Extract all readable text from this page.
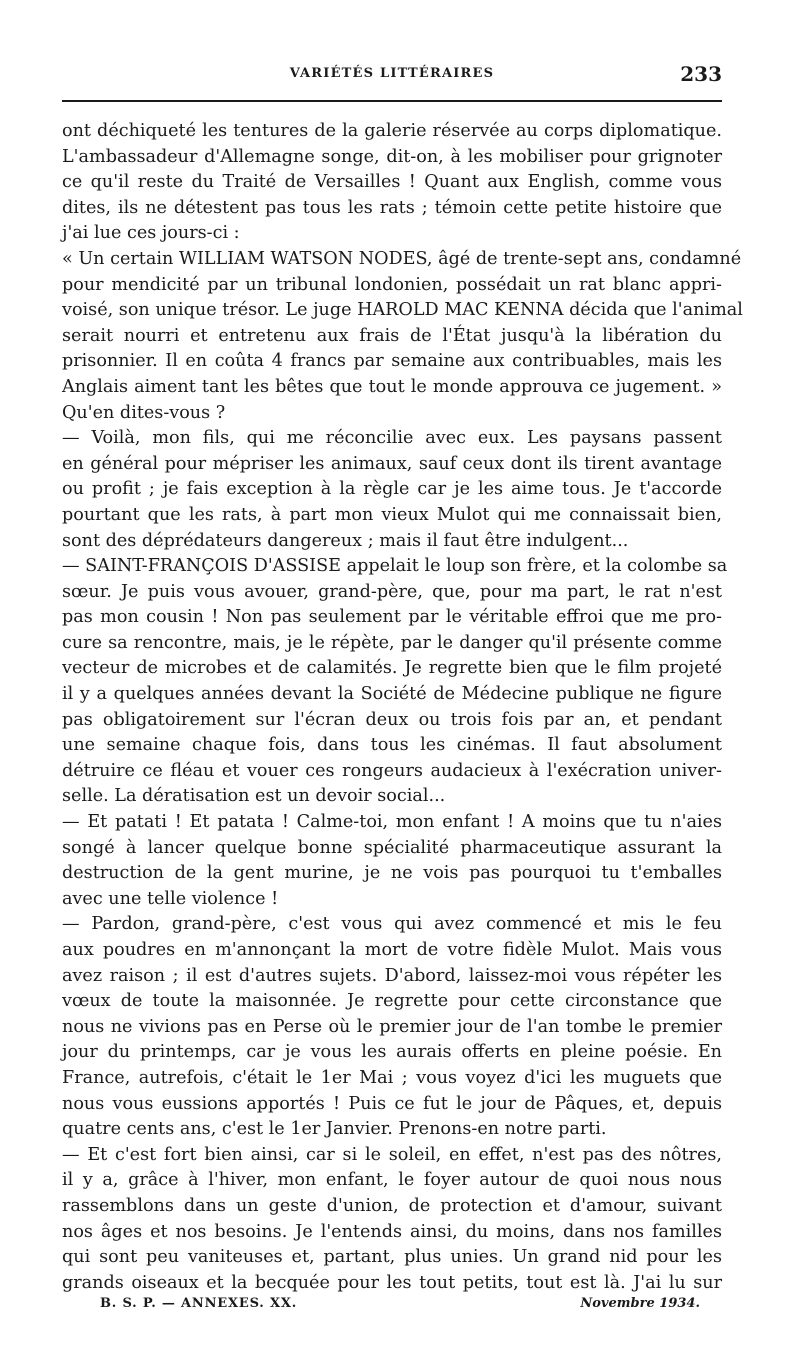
VARIÉTÉS LITTÉRAIRES	233
ont déchiqueté les tentures de la galerie réservée au corps diplomatique.
L'ambassadeur d'Allemagne songe, dit-on, à les mobiliser pour grignoter
ce qu'il reste du Traité de Versailles ! Quant aux English, comme vous
dites, ils ne détestent pas tous les rats ; témoin cette petite histoire que
j'ai lue ces jours-ci :
« Un certain WILLIAM WATSON NODES, âgé de trente-sept ans, condamné
pour mendicité par un tribunal londonien, possédait un rat blanc appri-
voisé, son unique trésor. Le juge HAROLD MAC KENNA décida que l'animal
serait nourri et entretenu aux frais de l'État jusqu'à la libération du
prisonnier. Il en coûta 4 francs par semaine aux contribuables, mais les
Anglais aiment tant les bêtes que tout le monde approuva ce jugement. »
Qu'en dites-vous ?
— Voilà, mon fils, qui me réconcilie avec eux. Les paysans passent
en général pour mépriser les animaux, sauf ceux dont ils tirent avantage
ou profit ; je fais exception à la règle car je les aime tous. Je t'accorde
pourtant que les rats, à part mon vieux Mulot qui me connaissait bien,
sont des déprédateurs dangereux ; mais il faut être indulgent...
— SAINT-FRANÇOIS D'ASSISE appelait le loup son frère, et la colombe sa
sœur. Je puis vous avouer, grand-père, que, pour ma part, le rat n'est
pas mon cousin ! Non pas seulement par le véritable effroi que me pro-
cure sa rencontre, mais, je le répète, par le danger qu'il présente comme
vecteur de microbes et de calamités. Je regrette bien que le film projeté
il y a quelques années devant la Société de Médecine publique ne figure
pas obligatoirement sur l'écran deux ou trois fois par an, et pendant
une semaine chaque fois, dans tous les cinémas. Il faut absolument
détruire ce fléau et vouer ces rongeurs audacieux à l'exécration univer-
selle. La dératisation est un devoir social...
— Et patati ! Et patata ! Calme-toi, mon enfant ! A moins que tu n'aies
songé à lancer quelque bonne spécialité pharmaceutique assurant la
destruction de la gent murine, je ne vois pas pourquoi tu t'emballes
avec une telle violence !
— Pardon, grand-père, c'est vous qui avez commencé et mis le feu
aux poudres en m'annonçant la mort de votre fidèle Mulot. Mais vous
avez raison ; il est d'autres sujets. D'abord, laissez-moi vous répéter les
vœux de toute la maisonnée. Je regrette pour cette circonstance que
nous ne vivions pas en Perse où le premier jour de l'an tombe le premier
jour du printemps, car je vous les aurais offerts en pleine poésie. En
France, autrefois, c'était le 1er Mai ; vous voyez d'ici les muguets que
nous vous eussions apportés ! Puis ce fut le jour de Pâques, et, depuis
quatre cents ans, c'est le 1er Janvier. Prenons-en notre parti.
— Et c'est fort bien ainsi, car si le soleil, en effet, n'est pas des nôtres,
il y a, grâce à l'hiver, mon enfant, le foyer autour de quoi nous nous
rassemblons dans un geste d'union, de protection et d'amour, suivant
nos âges et nos besoins. Je l'entends ainsi, du moins, dans nos familles
qui sont peu vaniteuses et, partant, plus unies. Un grand nid pour les
grands oiseaux et la becquée pour les tout petits, tout est là. J'ai lu sur
B. S. P. — ANNEXES. XX.	Novembre 1934.
